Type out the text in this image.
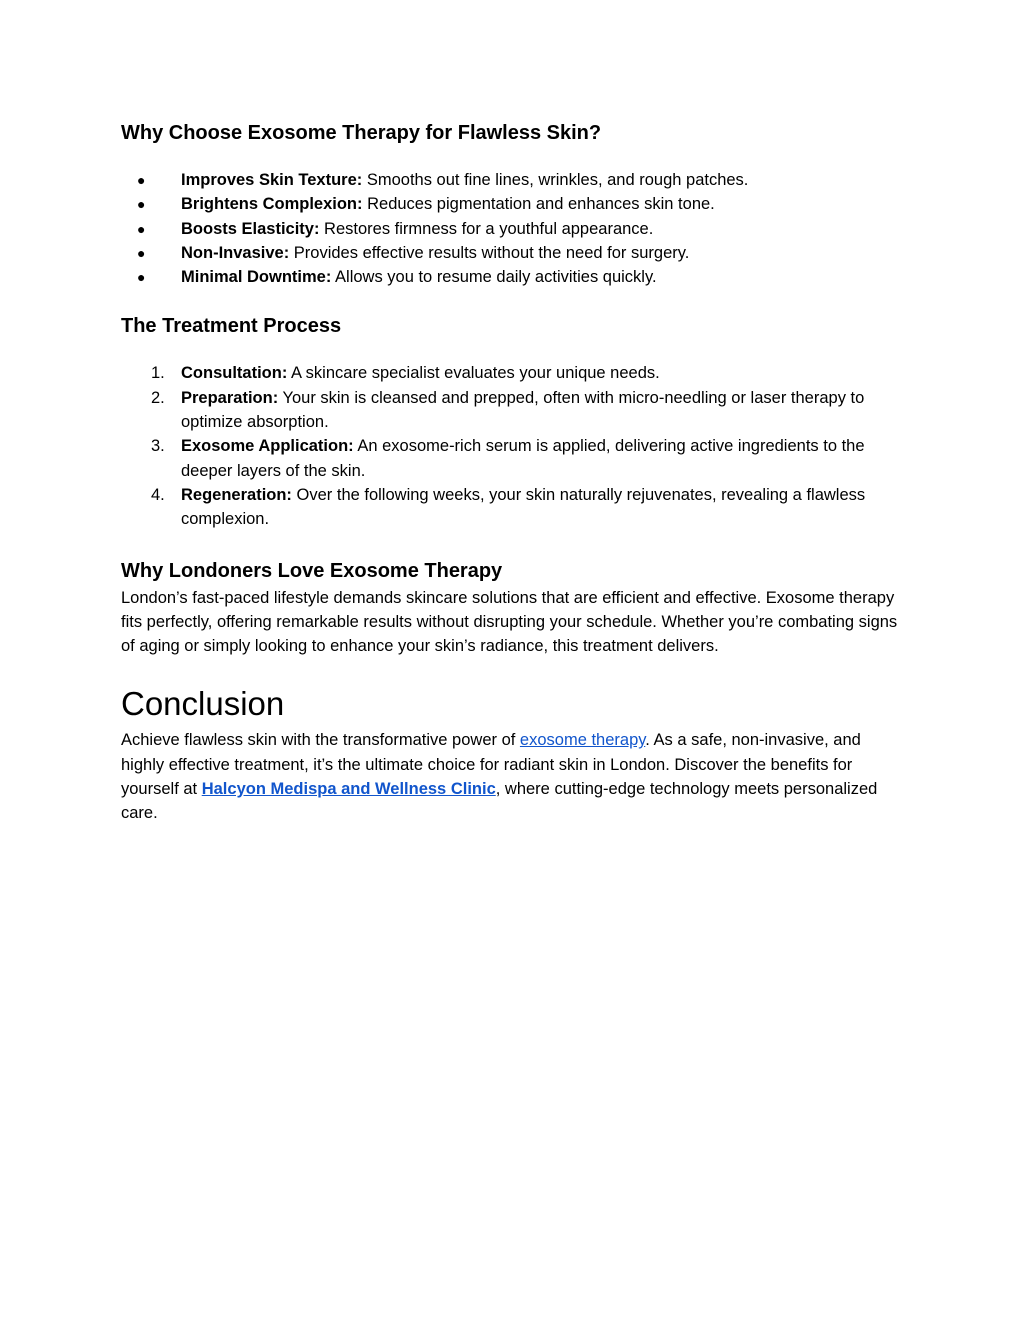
Why Choose Exosome Therapy for Flawless Skin?
● Improves Skin Texture: Smooths out fine lines, wrinkles, and rough patches.
● Brightens Complexion: Reduces pigmentation and enhances skin tone.
● Boosts Elasticity: Restores firmness for a youthful appearance.
● Non-Invasive: Provides effective results without the need for surgery.
● Minimal Downtime: Allows you to resume daily activities quickly.
The Treatment Process
1. Consultation: A skincare specialist evaluates your unique needs.
2. Preparation: Your skin is cleansed and prepped, often with micro-needling or laser therapy to optimize absorption.
3. Exosome Application: An exosome-rich serum is applied, delivering active ingredients to the deeper layers of the skin.
4. Regeneration: Over the following weeks, your skin naturally rejuvenates, revealing a flawless complexion.
Why Londoners Love Exosome Therapy

London’s fast-paced lifestyle demands skincare solutions that are efficient and effective. Exosome therapy fits perfectly, offering remarkable results without disrupting your schedule. Whether you’re combating signs of aging or simply looking to enhance your skin’s radiance, this treatment delivers.

Conclusion

Achieve flawless skin with the transformative power of exosome therapy. As a safe, non-invasive, and highly effective treatment, it’s the ultimate choice for radiant skin in London. Discover the benefits for yourself at Halcyon Medispa and Wellness Clinic, where cutting-edge technology meets personalized care.
